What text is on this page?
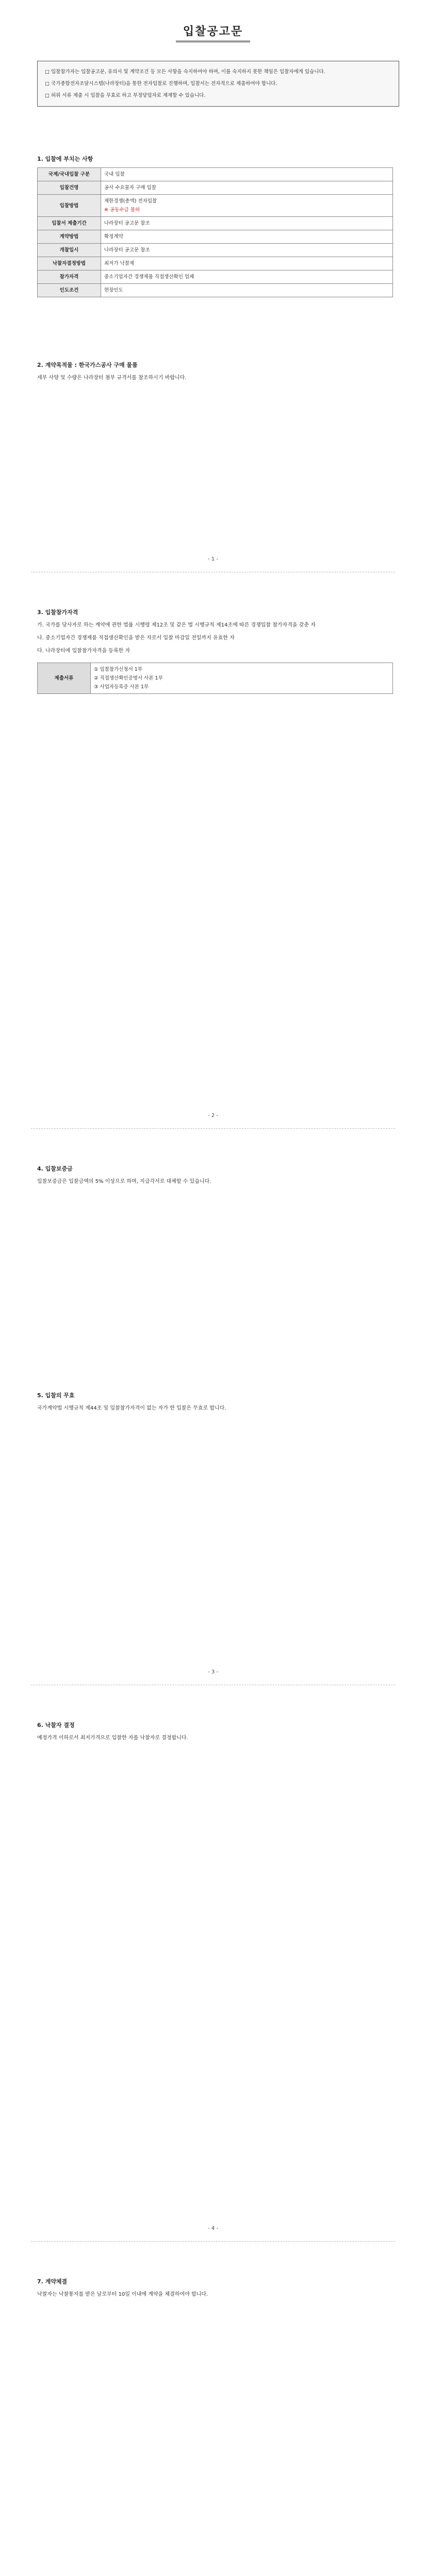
입찰공고문

□ 입찰참가자는 입찰공고문, 유의서 및 계약조건 등 모든 사항을 숙지하여야 하며, 이를 숙지하지 못한 책임은 입찰자에게 있습니다.

□ 국가종합전자조달시스템(나라장터)을 통한 전자입찰로 진행하며, 입찰서는 전자적으로 제출하여야 합니다.

□ 허위 서류 제출 시 입찰을 무효로 하고 부정당업자로 제재할 수 있습니다.

1. 입찰에 부치는 사항
국제/국내입찰 구분	국내 입찰
입찰건명	공사 수요물자 구매 입찰
입찰방법	제한경쟁(총액) 전자입찰
※ 공동수급 불허
입찰서 제출기간	나라장터 공고문 참조
계약방법	확정계약
개찰일시	나라장터 공고문 참조
낙찰자결정방법	최저가 낙찰제
참가자격	중소기업자간 경쟁제품 직접생산확인 업체
인도조건	현장인도
2. 계약목적물 : 한국가스공사 구매 물품

세부 사양 및 수량은 나라장터 첨부 규격서를 참조하시기 바랍니다.

- 1 -
3. 입찰참가자격

가. 국가를 당사자로 하는 계약에 관한 법률 시행령 제12조 및 같은 법 시행규칙 제14조에 따른 경쟁입찰 참가자격을 갖춘 자

나. 중소기업자간 경쟁제품 직접생산확인을 받은 자로서 입찰 마감일 전일까지 유효한 자

다. 나라장터에 입찰참가자격을 등록한 자

제출서류	
① 입찰참가신청서 1부
② 직접생산확인증명서 사본 1부
③ 사업자등록증 사본 1부
- 2 -
4. 입찰보증금

입찰보증금은 입찰금액의 5% 이상으로 하며, 지급각서로 대체할 수 있습니다.

5. 입찰의 무효

국가계약법 시행규칙 제44조 및 입찰참가자격이 없는 자가 한 입찰은 무효로 합니다.

- 3 -
6. 낙찰자 결정

예정가격 이하로서 최저가격으로 입찰한 자를 낙찰자로 결정합니다.

- 4 -
7. 계약체결

낙찰자는 낙찰통지를 받은 날로부터 10일 이내에 계약을 체결하여야 합니다.
